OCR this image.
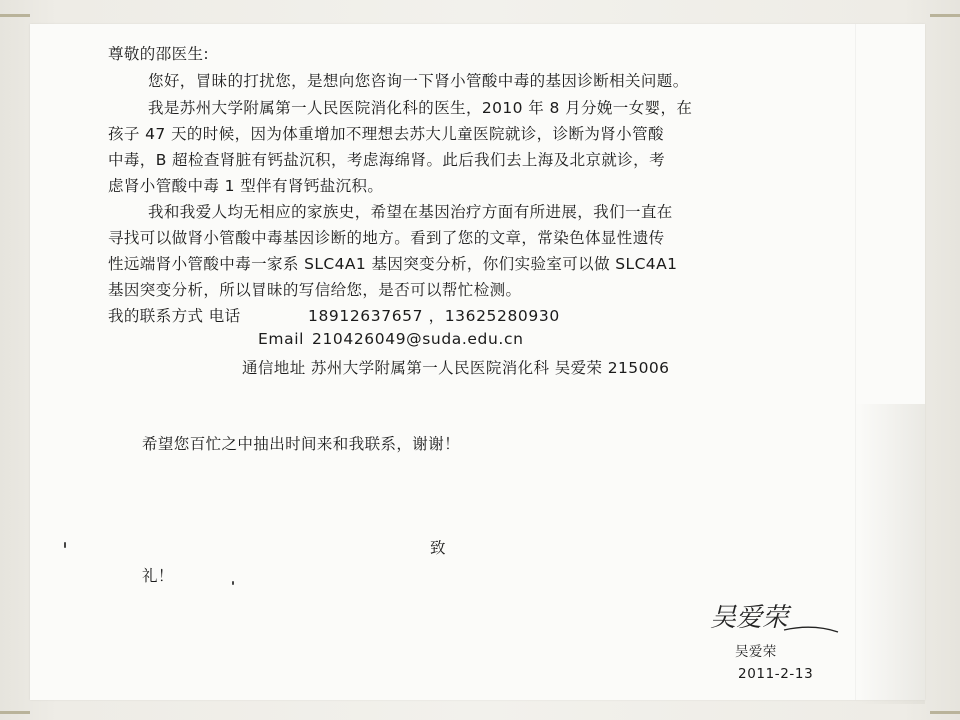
尊敬的邵医生:
您好，冒昧的打扰您，是想向您咨询一下肾小管酸中毒的基因诊断相关问题。
我是苏州大学附属第一人民医院消化科的医生，2010 年 8 月分娩一女婴，在
孩子 47 天的时候，因为体重增加不理想去苏大儿童医院就诊，诊断为肾小管酸
中毒，B 超检查肾脏有钙盐沉积，考虑海绵肾。此后我们去上海及北京就诊，考
虑肾小管酸中毒 1 型伴有肾钙盐沉积。
我和我爱人均无相应的家族史，希望在基因治疗方面有所进展，我们一直在
寻找可以做肾小管酸中毒基因诊断的地方。看到了您的文章，常染色体显性遗传
性远端肾小管酸中毒一家系 SLC4A1 基因突变分析，你们实验室可以做 SLC4A1
基因突变分析，所以冒昧的写信给您，是否可以帮忙检测。
我的联系方式 电话	18912637657 ，13625280930
Email 210426049@suda.edu.cn
通信地址 苏州大学附属第一人民医院消化科 吴爱荣 215006
希望您百忙之中抽出时间来和我联系，谢谢！
致
礼！
吴爱荣
吴爱荣
2011-2-13
